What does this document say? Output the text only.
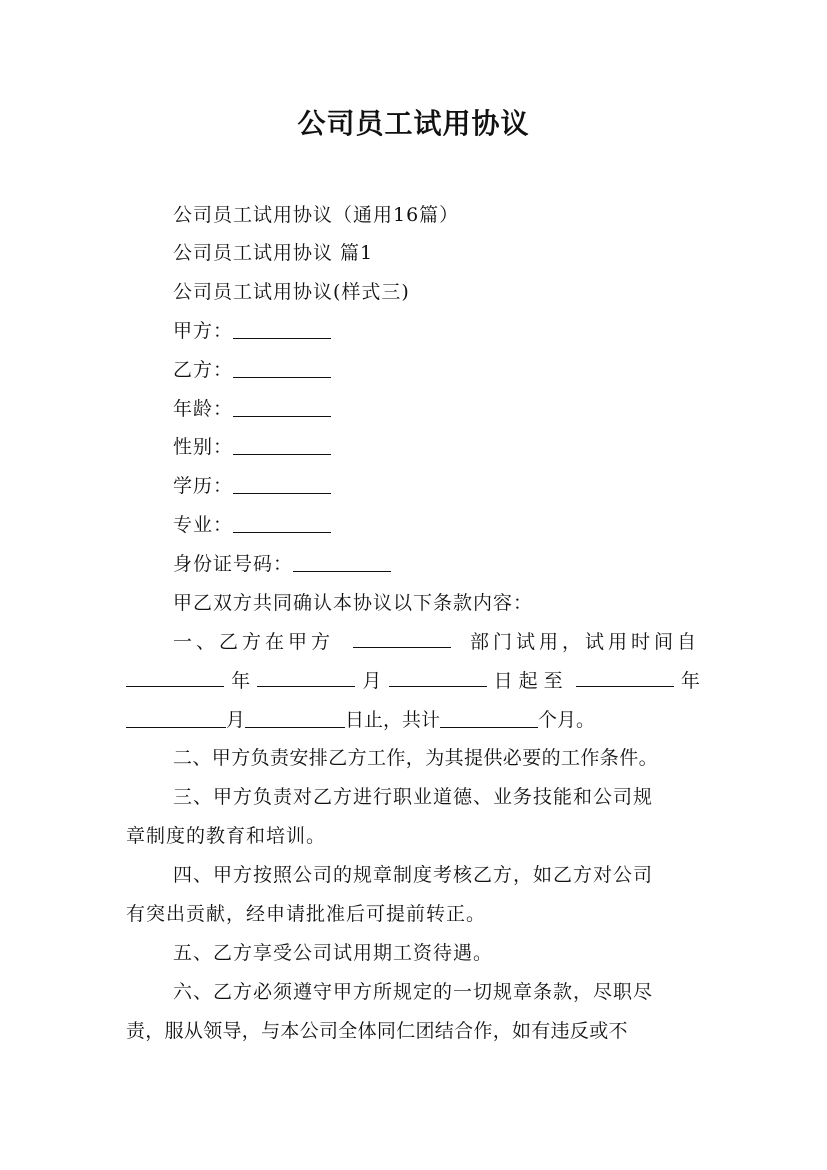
公司员工试用协议
公司员工试用协议（通用16篇）
公司员工试用协议 篇1
公司员工试用协议(样式三)
甲方：
乙方：
年龄：
性别：
学历：
专业：
身份证号码：
甲乙双方共同确认本协议以下条款内容：
一、乙方在甲方	部门试用，试用时间自
年	月	日起至	年
月	日止，共计	个月。
二、甲方负责安排乙方工作，为其提供必要的工作条件。
三、甲方负责对乙方进行职业道德、业务技能和公司规
章制度的教育和培训。
四、甲方按照公司的规章制度考核乙方，如乙方对公司
有突出贡献，经申请批准后可提前转正。
五、乙方享受公司试用期工资待遇。
六、乙方必须遵守甲方所规定的一切规章条款，尽职尽
责，服从领导，与本公司全体同仁团结合作，如有违反或不
